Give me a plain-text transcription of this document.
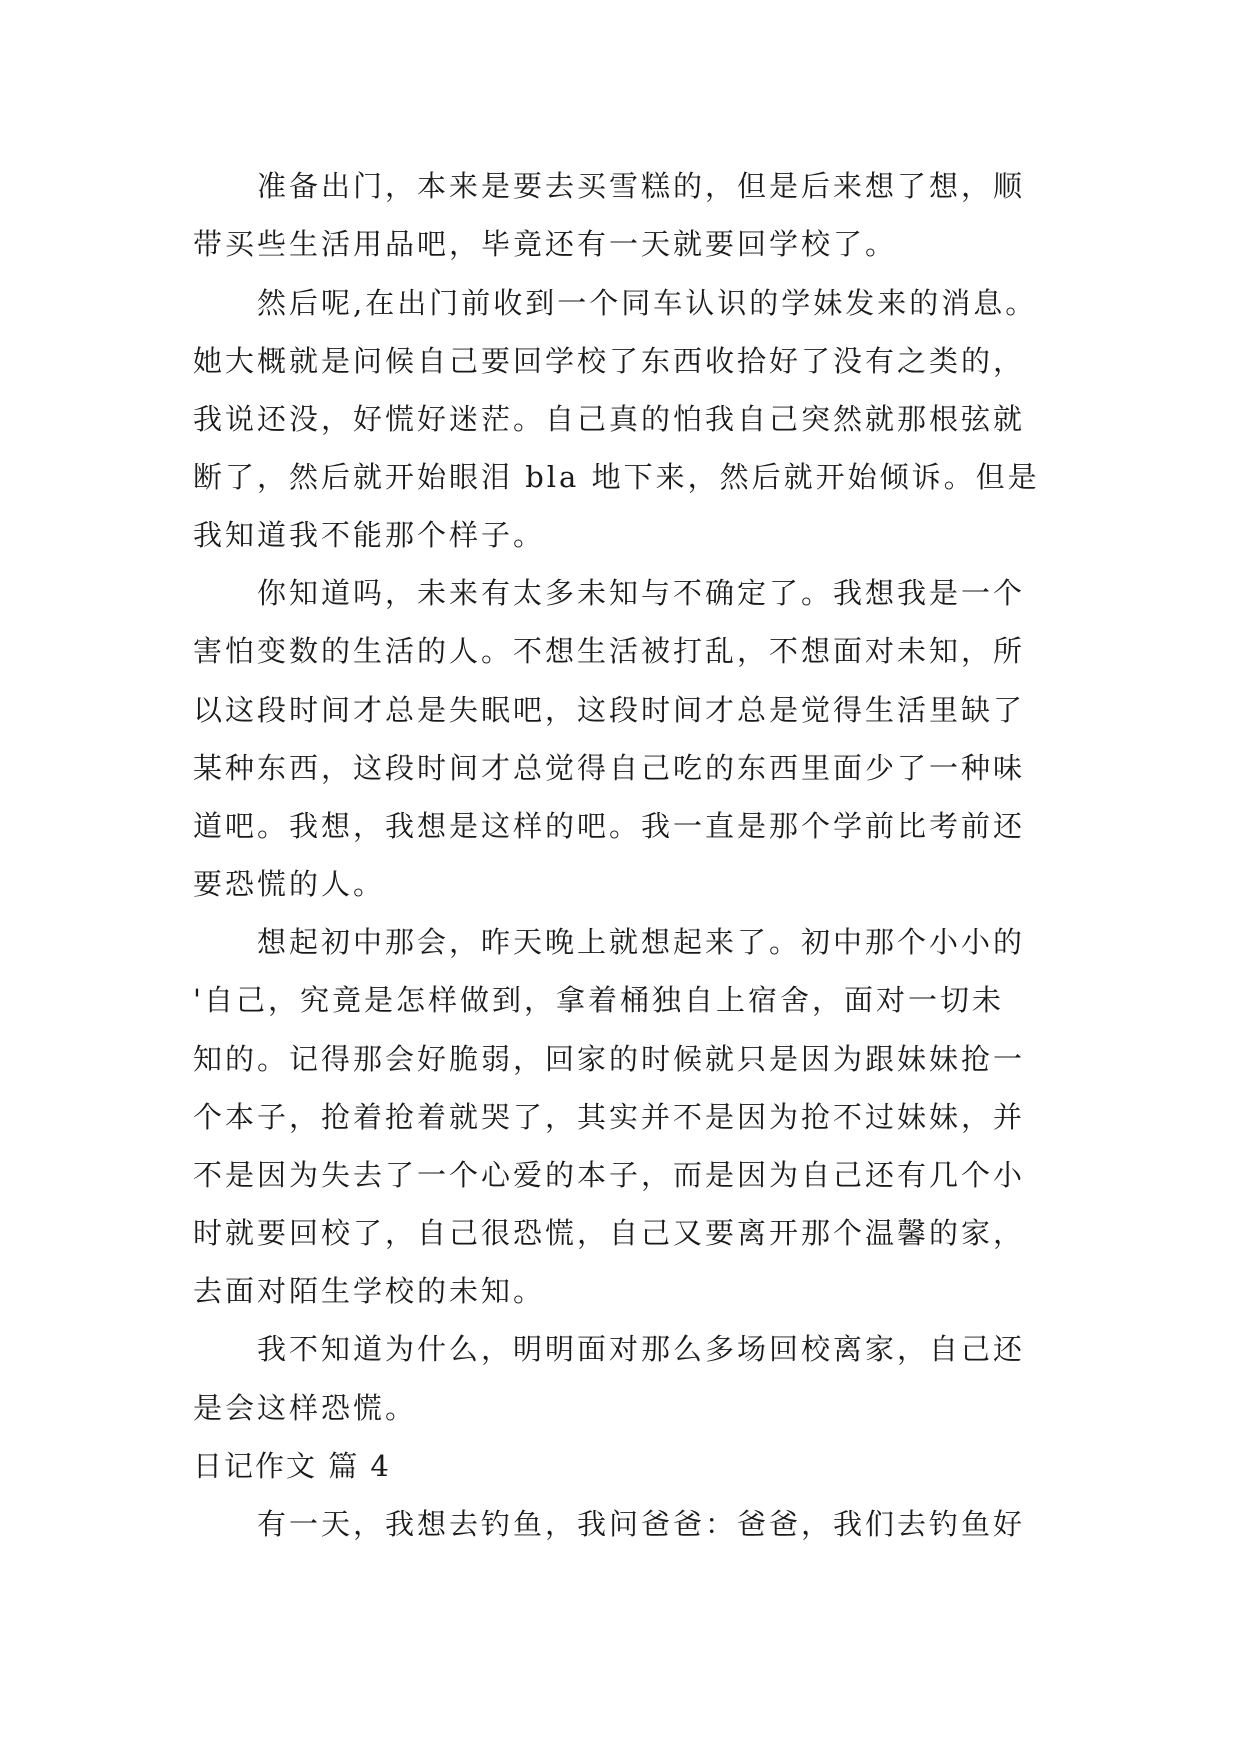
准备出门，本来是要去买雪糕的，但是后来想了想，顺
带买些生活用品吧，毕竟还有一天就要回学校了。
然后呢,在出门前收到一个同车认识的学妹发来的消息。
她大概就是问候自己要回学校了东西收拾好了没有之类的，
我说还没，好慌好迷茫。自己真的怕我自己突然就那根弦就
断了，然后就开始眼泪 bla 地下来，然后就开始倾诉。但是
我知道我不能那个样子。
你知道吗，未来有太多未知与不确定了。我想我是一个
害怕变数的生活的人。不想生活被打乱，不想面对未知，所
以这段时间才总是失眠吧，这段时间才总是觉得生活里缺了
某种东西，这段时间才总觉得自己吃的东西里面少了一种味
道吧。我想，我想是这样的吧。我一直是那个学前比考前还
要恐慌的人。
想起初中那会，昨天晚上就想起来了。初中那个小小的
'自己，究竟是怎样做到，拿着桶独自上宿舍，面对一切未
知的。记得那会好脆弱，回家的时候就只是因为跟妹妹抢一
个本子，抢着抢着就哭了，其实并不是因为抢不过妹妹，并
不是因为失去了一个心爱的本子，而是因为自己还有几个小
时就要回校了，自己很恐慌，自己又要离开那个温馨的家，
去面对陌生学校的未知。
我不知道为什么，明明面对那么多场回校离家，自己还
是会这样恐慌。
日记作文 篇 4
有一天，我想去钓鱼，我问爸爸：爸爸，我们去钓鱼好
